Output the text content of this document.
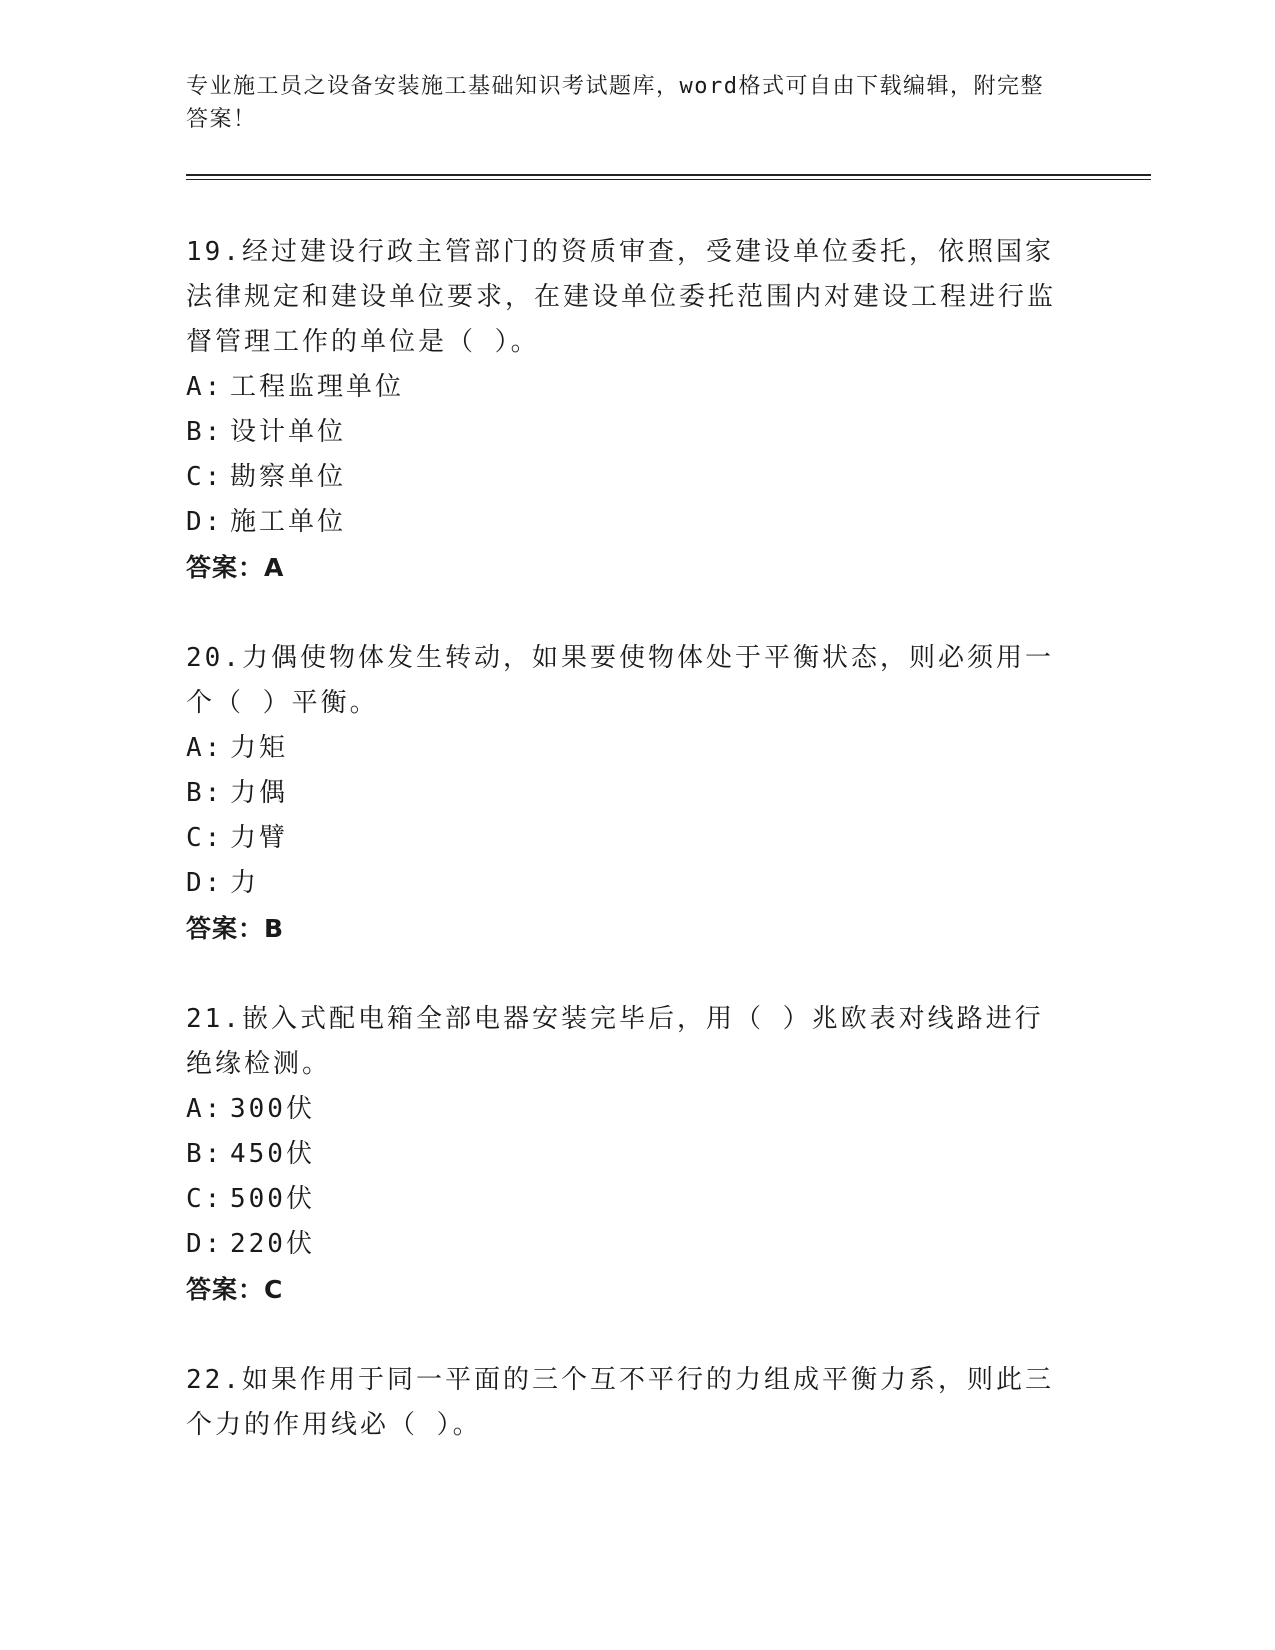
专业施工员之设备安装施工基础知识考试题库，word格式可自由下载编辑，附完整答案！

19.经过建设行政主管部门的资质审查，受建设单位委托，依照国家法律规定和建设单位要求，在建设单位委托范围内对建设工程进行监督管理工作的单位是（ ）。

A: 工程监理单位

B: 设计单位

C: 勘察单位

D: 施工单位

答案：A

20.力偶使物体发生转动，如果要使物体处于平衡状态，则必须用一个（ ）平衡。

A: 力矩

B: 力偶

C: 力臂

D: 力

答案：B

21.嵌入式配电箱全部电器安装完毕后，用（ ）兆欧表对线路进行绝缘检测。

A: 300伏

B: 450伏

C: 500伏

D: 220伏

答案：C

22.如果作用于同一平面的三个互不平行的力组成平衡力系，则此三个力的作用线必（ ）。
